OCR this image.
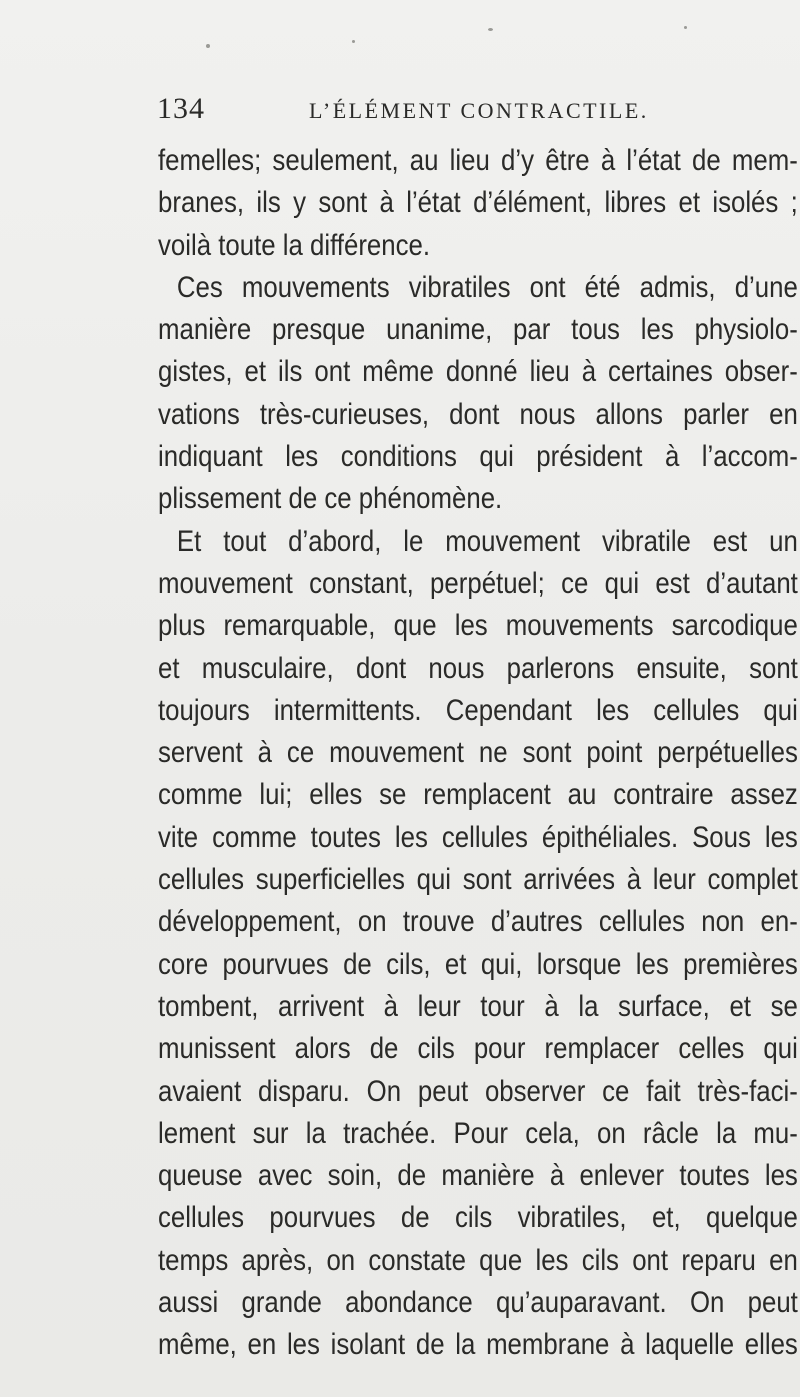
134	L’ÉLÉMENT CONTRACTILE.
femelles; seulement, au lieu d’y être à l’état de mem-
branes, ils y sont à l’état d’élément, libres et isolés ;
voilà toute la différence.
Ces mouvements vibratiles ont été admis, d’une
manière presque unanime, par tous les physiolo-
gistes, et ils ont même donné lieu à certaines obser-
vations très-curieuses, dont nous allons parler en
indiquant les conditions qui président à l’accom-
plissement de ce phénomène.
Et tout d’abord, le mouvement vibratile est un
mouvement constant, perpétuel; ce qui est d’autant
plus remarquable, que les mouvements sarcodique
et musculaire, dont nous parlerons ensuite, sont
toujours intermittents. Cependant les cellules qui
servent à ce mouvement ne sont point perpétuelles
comme lui; elles se remplacent au contraire assez
vite comme toutes les cellules épithéliales. Sous les
cellules superficielles qui sont arrivées à leur complet
développement, on trouve d’autres cellules non en-
core pourvues de cils, et qui, lorsque les premières
tombent, arrivent à leur tour à la surface, et se
munissent alors de cils pour remplacer celles qui
avaient disparu. On peut observer ce fait très-faci-
lement sur la trachée. Pour cela, on râcle la mu-
queuse avec soin, de manière à enlever toutes les
cellules pourvues de cils vibratiles, et, quelque
temps après, on constate que les cils ont reparu en
aussi grande abondance qu’auparavant. On peut
même, en les isolant de la membrane à laquelle elles
